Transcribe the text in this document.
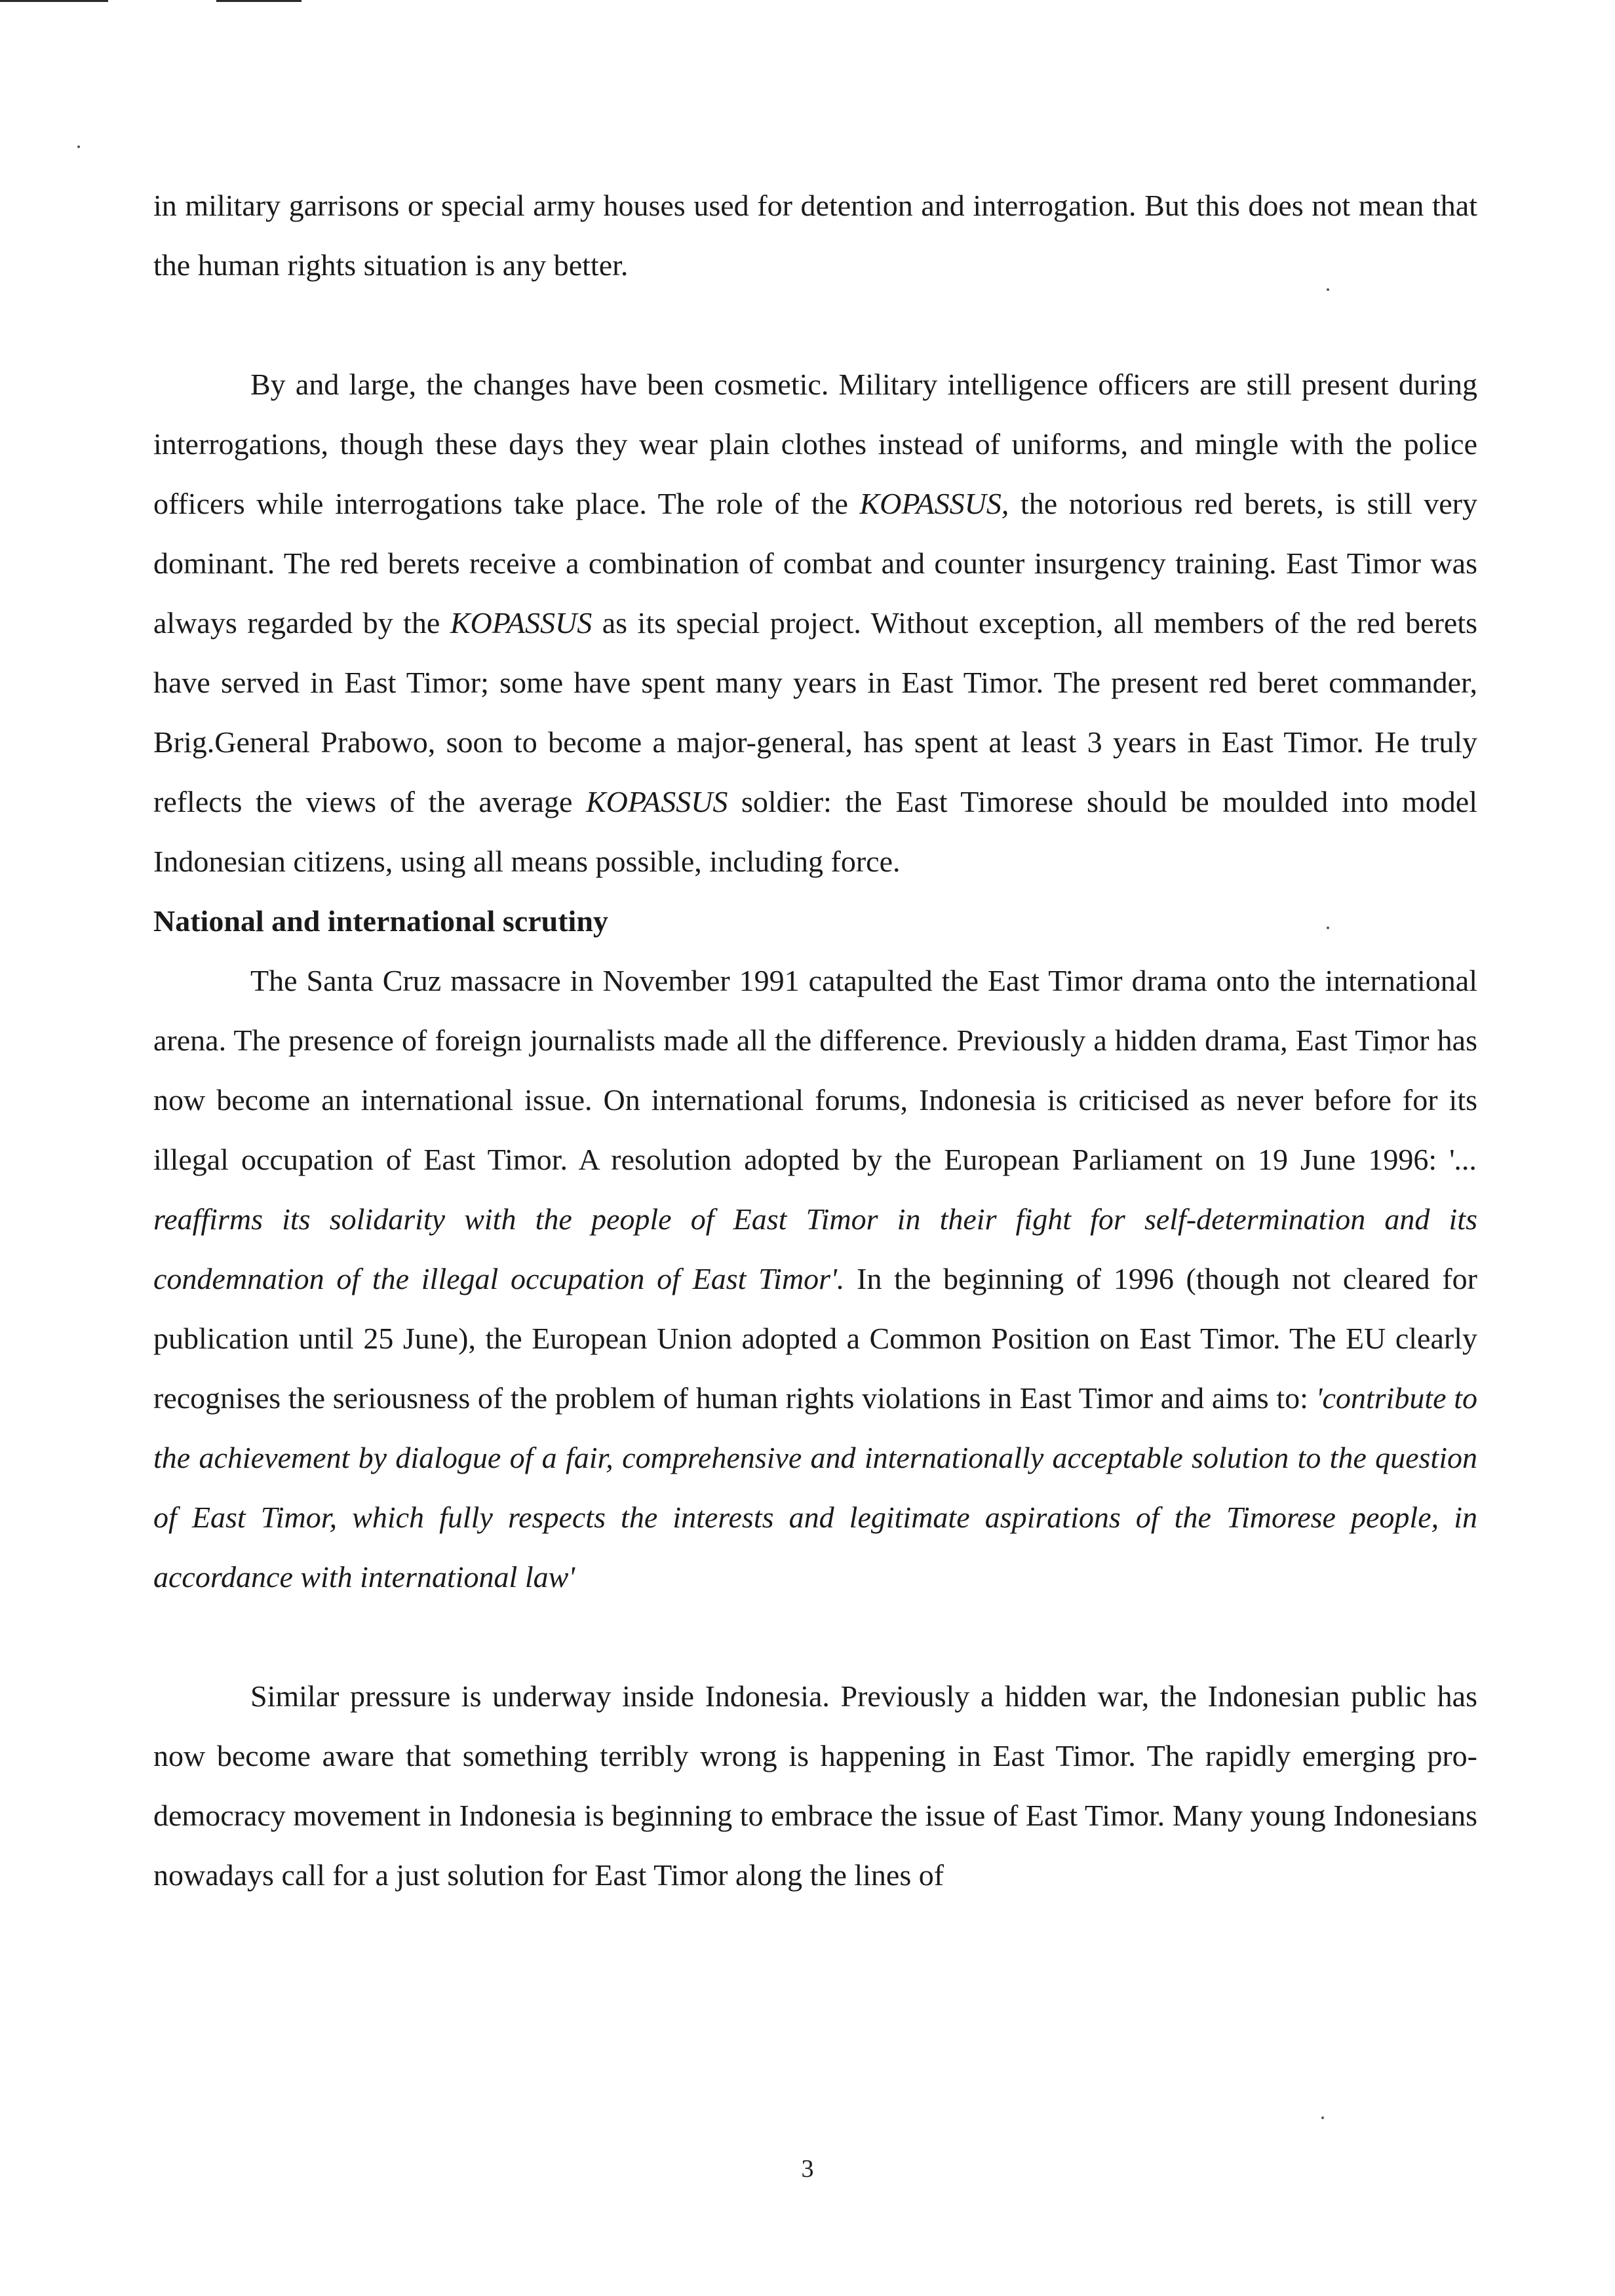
in military garrisons or special army houses used for detention and interrogation. But this does not mean that the human rights situation is any better.

By and large, the changes have been cosmetic. Military intelligence officers are still present during interrogations, though these days they wear plain clothes instead of uniforms, and mingle with the police officers while interrogations take place. The role of the KOPASSUS, the notorious red berets, is still very dominant. The red berets receive a combination of combat and counter insurgency training. East Timor was always regarded by the KOPASSUS as its special project. Without exception, all members of the red berets have served in East Timor; some have spent many years in East Timor. The present red beret commander, Brig.General Prabowo, soon to become a major-general, has spent at least 3 years in East Timor. He truly reflects the views of the average KOPASSUS soldier: the East Timorese should be moulded into model Indonesian citizens, using all means possible, including force.

National and international scrutiny

The Santa Cruz massacre in November 1991 catapulted the East Timor drama onto the international arena. The presence of foreign journalists made all the difference. Previously a hidden drama, East Timor has now become an international issue. On international forums, Indonesia is criticised as never before for its illegal occupation of East Timor. A resolution adopted by the European Parliament on 19 June 1996: '... reaffirms its solidarity with the people of East Timor in their fight for self-determination and its condemnation of the illegal occupation of East Timor'. In the beginning of 1996 (though not cleared for publication until 25 June), the European Union adopted a Common Position on East Timor. The EU clearly recognises the seriousness of the problem of human rights violations in East Timor and aims to: 'contribute to the achievement by dialogue of a fair, comprehensive and internationally acceptable solution to the question of East Timor, which fully respects the interests and legitimate aspirations of the Timorese people, in accordance with international law'

Similar pressure is underway inside Indonesia. Previously a hidden war, the Indonesian public has now become aware that something terribly wrong is happening in East Timor. The rapidly emerging pro-democracy movement in Indonesia is beginning to embrace the issue of East Timor. Many young Indonesians nowadays call for a just solution for East Timor along the lines of

3
